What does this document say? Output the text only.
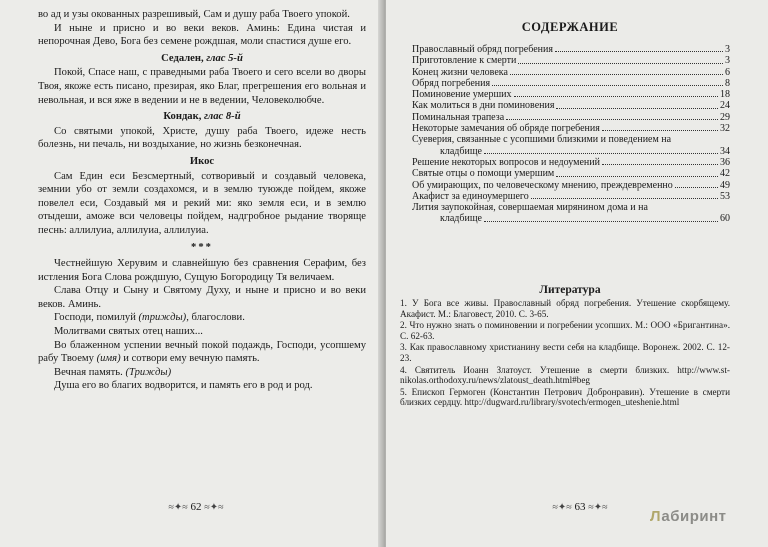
во ад и узы окованных разрешивый, Сам и душу раба Твоего упокой.

И ныне и присно и во веки веков. Аминь: Едина чистая и непорочная Дево, Бога без семене рождшая, моли спастися душе его.

Седален, глас 5-й

Покой, Спасе наш, с праведными раба Твоего и сего всели во дворы Твоя, якоже есть писано, презирая, яко Благ, прегрешения его вольная и невольная, и вся яже в ведении и не в ведении, Человеколюбче.

Кондак, глас 8-й

Со святыми упокой, Христе, душу раба Твоего, идеже несть болезнь, ни печаль, ни воздыхание, но жизнь безконечная.

Икос

Сам Един еси Безсмертный, сотворивый и создавый человека, земнии убо от земли создахомся, и в землю туюжде пойдем, якоже повелел еси, Создавый мя и рекий ми: яко земля еси, и в землю отыдеши, аможе вси человецы пойдем, надгробное рыдание творяще песнь: аллилуиа, аллилуиа, аллилуиа.

***

Честнейшую Херувим и славнейшую без сравнения Серафим, без истления Бога Слова рождшую, Сущую Богородицу Тя величаем.

Слава Отцу и Сыну и Святому Духу, и ныне и присно и во веки веков. Аминь.

Господи, помилуй (трижды), благослови.

Молитвами святых отец наших...

Во блаженном успении вечный покой подаждь, Господи, усопшему рабу Твоему (имя) и сотвори ему вечную память.

Вечная память. (Трижды)

Душа его во благих водворится, и память его в род и род.

≈✦≈ 62 ≈✦≈
СОДЕРЖАНИЕ
Православный обряд погребения	3
Приготовление к смерти	3
Конец жизни человека	6
Обряд погребения	8
Поминовение умерших	18
Как молиться в дни поминовения	24
Поминальная трапеза	29
Некоторые замечания об обряде погребения	32
Суеверия, связанные с усопшими близкими и поведением на
кладбище	34
Решение некоторых вопросов и недоумений	36
Святые отцы о помощи умершим	42
Об умирающих, по человеческому мнению, преждевременно	49
Акафист за единоумершего	53
Лития заупокойная, совершаемая мирянином дома и на
кладбище	60

Литература

1. У Бога все живы. Православный обряд погребения. Утешение скорбящему. Акафист. М.: Благовест, 2010. С. 3-65.

2. Что нужно знать о поминовении и погребении усопших. М.: ООО «Бригантина». С. 62-63.

3. Как православному христианину вести себя на кладбище. Воронеж. 2002. С. 12-23.

4. Святитель Иоанн Златоуст. Утешение в смерти близких. http://www.st-nikolas.orthodoxy.ru/news/zlatoust_death.html#beg

5. Епископ Гермоген (Константин Петрович Добронравин). Утешение в смерти близких сердцу. http://dugward.ru/library/svotech/ermogen_uteshenie.html

≈✦≈ 63 ≈✦≈
Лабиринт
